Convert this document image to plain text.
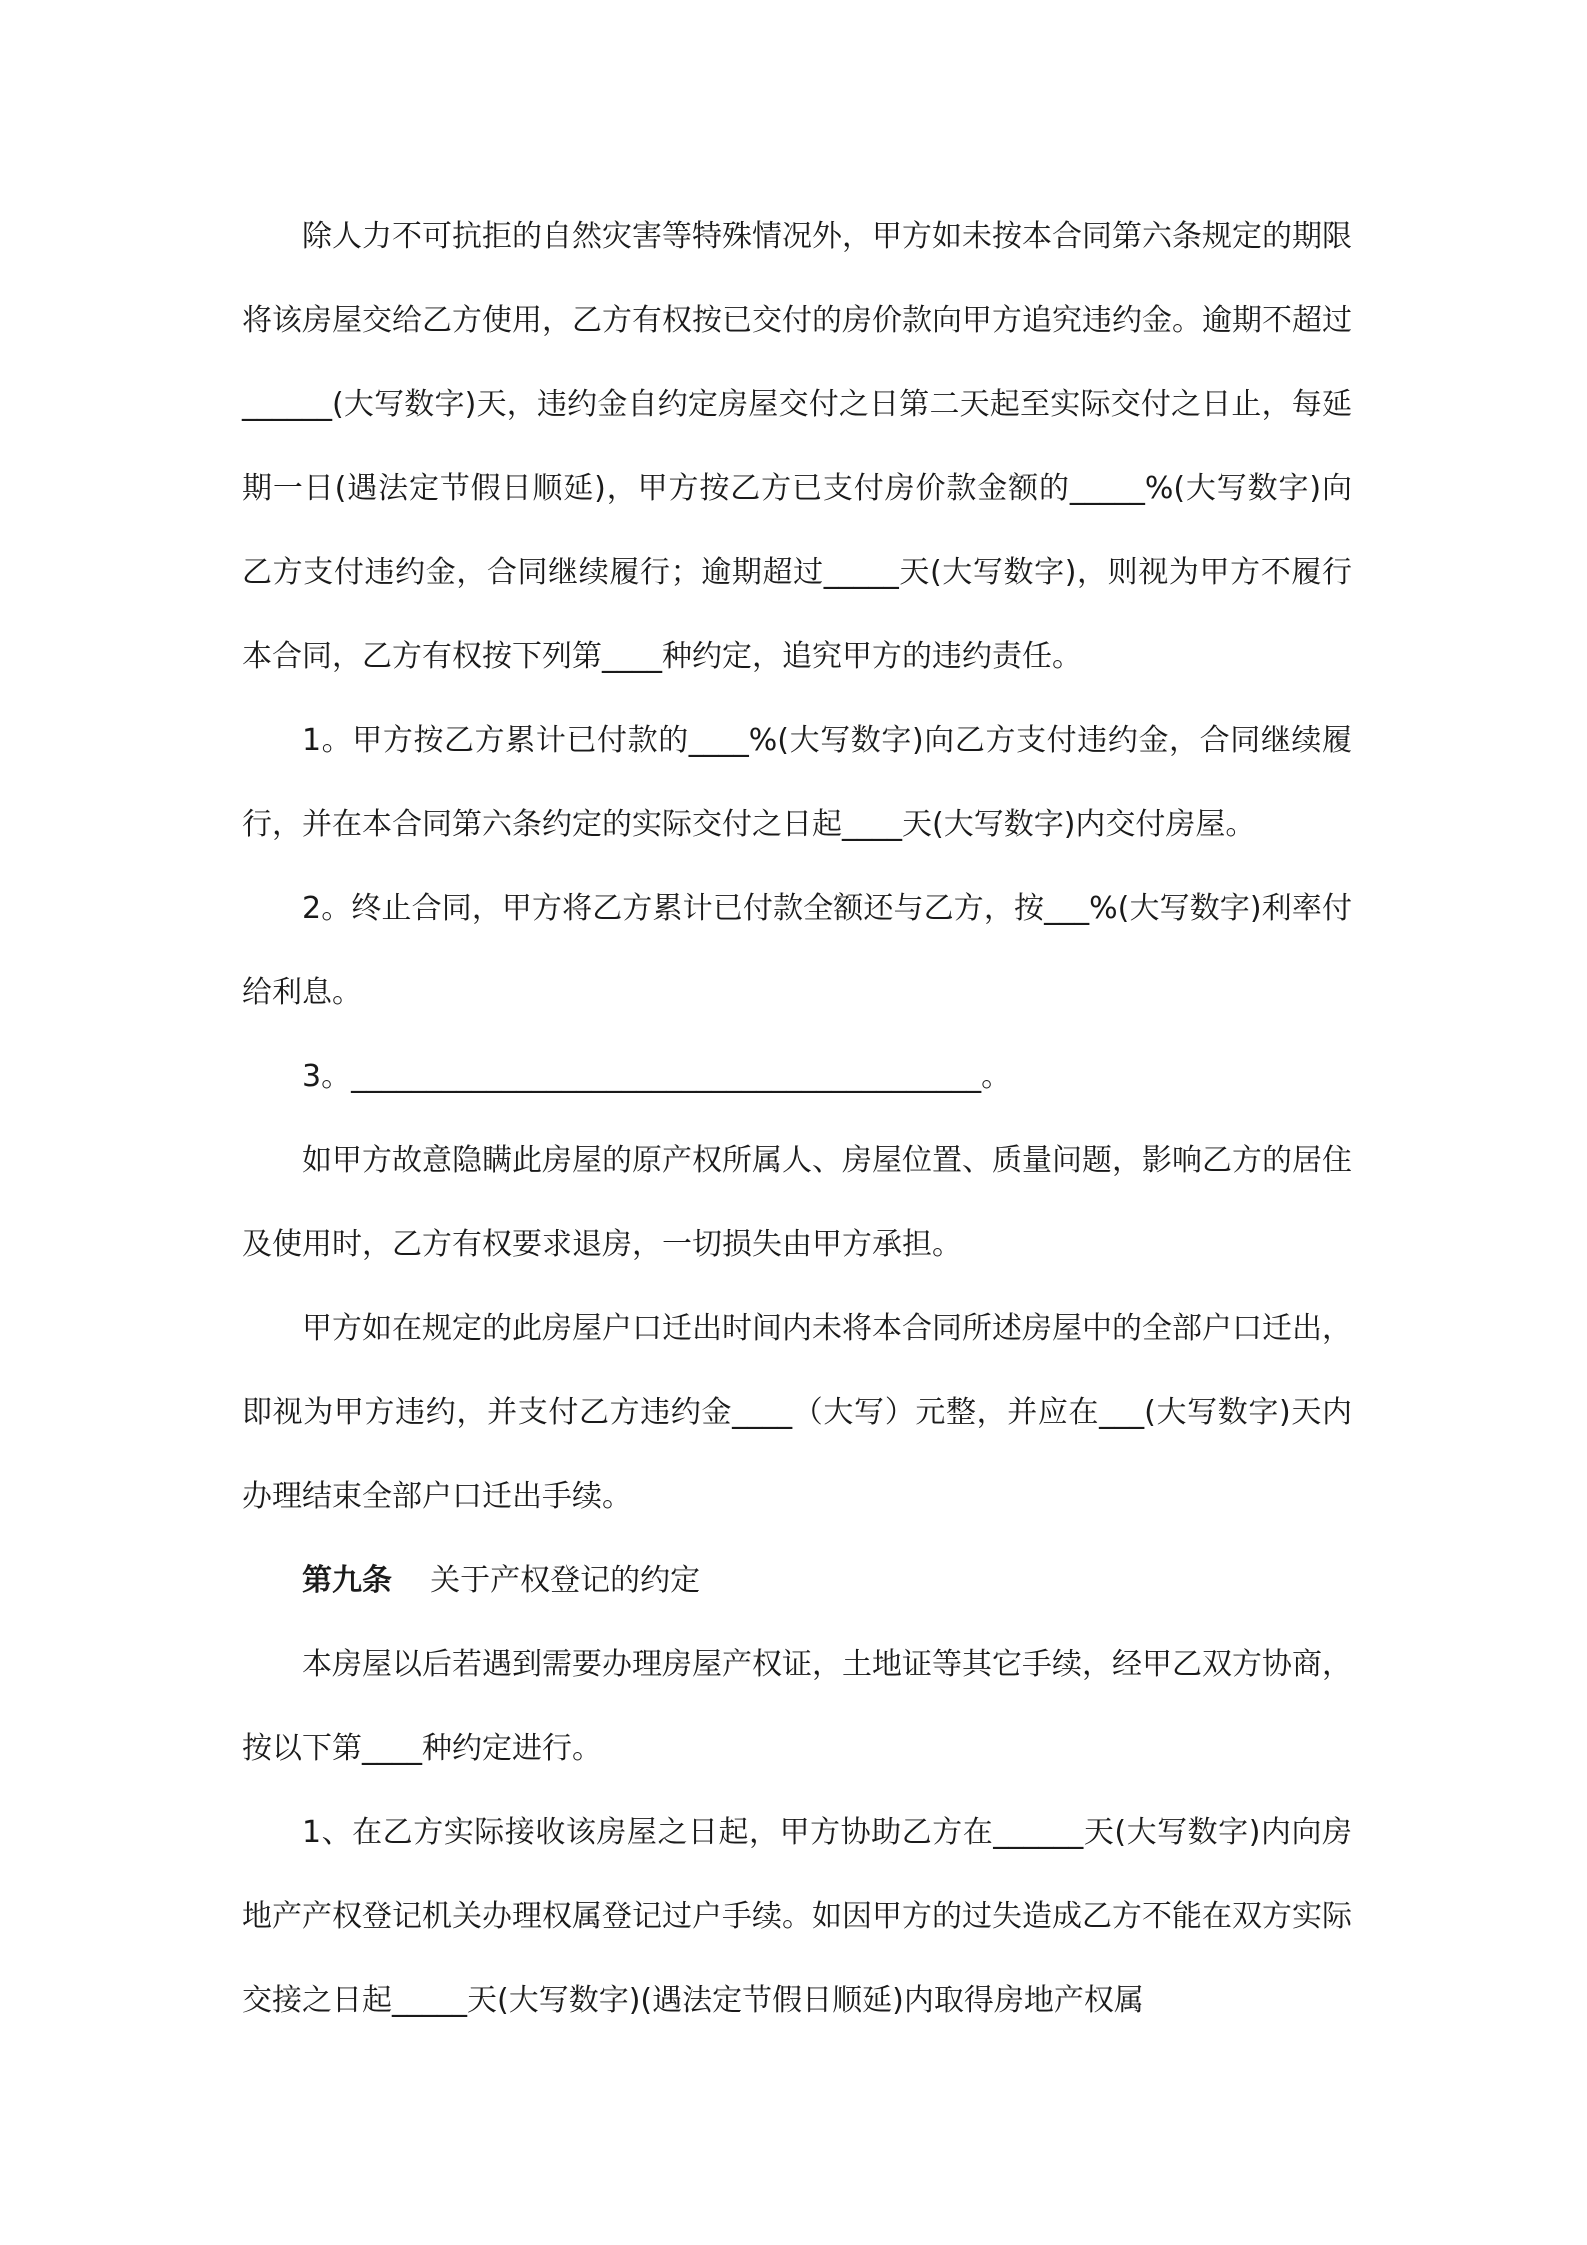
除人力不可抗拒的自然灾害等特殊情况外，甲方如未按本合同第六条规定的期限将该房屋交给乙方使用，乙方有权按已交付的房价款向甲方追究违约金。逾期不超过______(大写数字)天，违约金自约定房屋交付之日第二天起至实际交付之日止，每延期一日(遇法定节假日顺延)，甲方按乙方已支付房价款金额的_____%(大写数字)向乙方支付违约金，合同继续履行；逾期超过_____天(大写数字)，则视为甲方不履行本合同，乙方有权按下列第____种约定，追究甲方的违约责任。

1。甲方按乙方累计已付款的____%(大写数字)向乙方支付违约金，合同继续履行，并在本合同第六条约定的实际交付之日起____天(大写数字)内交付房屋。

2。终止合同，甲方将乙方累计已付款全额还与乙方，按___%(大写数字)利率付给利息。

3。__________________________________________。

如甲方故意隐瞒此房屋的原产权所属人、房屋位置、质量问题，影响乙方的居住及使用时，乙方有权要求退房，一切损失由甲方承担。

甲方如在规定的此房屋户口迁出时间内未将本合同所述房屋中的全部户口迁出，即视为甲方违约，并支付乙方违约金____（大写）元整，并应在___(大写数字)天内办理结束全部户口迁出手续。

第九条 关于产权登记的约定

本房屋以后若遇到需要办理房屋产权证，土地证等其它手续，经甲乙双方协商，按以下第____种约定进行。

1、在乙方实际接收该房屋之日起，甲方协助乙方在______天(大写数字)内向房地产产权登记机关办理权属登记过户手续。如因甲方的过失造成乙方不能在双方实际交接之日起_____天(大写数字)(遇法定节假日顺延)内取得房地产权属
